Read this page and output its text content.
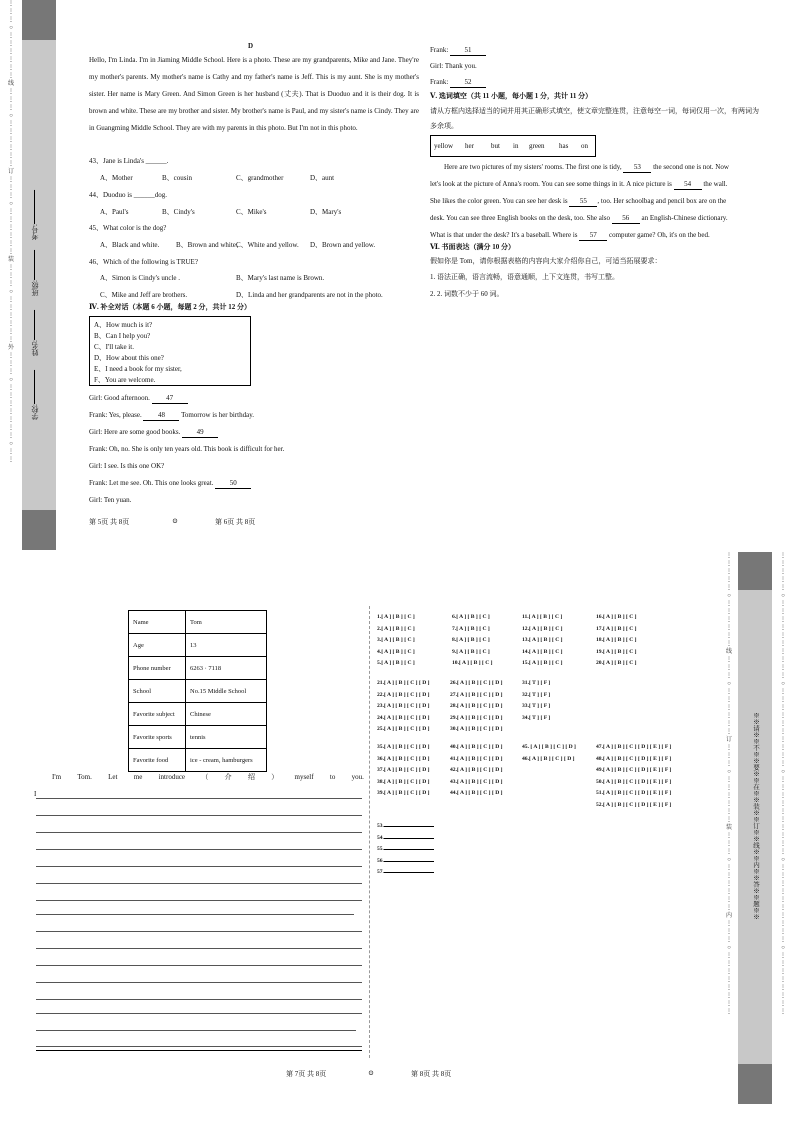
⋮
⋮
⋮
○
⋮
⋮
⋮
⋮
⋮
⋮
线
⋮
⋮
⋮
○
⋮
⋮
⋮
⋮
⋮
⋮
订
⋮
⋮
⋮
○
⋮
⋮
⋮
⋮
⋮
⋮
装
⋮
⋮
⋮
○
⋮
⋮
⋮
⋮
⋮
⋮
外
⋮
⋮
⋮
○
⋮
⋮
⋮
⋮
⋮
⋮
⋮
○
⋮
⋮
考号:
班级:
姓名:
学校:
D
Hello, I'm Linda. I'm in Jiaming Middle School. Here is a photo. These are my grandparents, Mike and Jane. They're my mother's parents. My mother's name is Cathy and my father's name is Jeff. This is my aunt. She is my mother's sister. Her name is Mary Green. And Simon Green is her husband (丈夫). That is Duoduo and it is their dog. It is brown and white. These are my brother and sister. My brother's name is Paul, and my sister's name is Cindy. They are in Guangming Middle School. They are with my parents in this photo. But I'm not in this photo.
43、Jane is Linda's ______.
A、Mother	B、cousin	C、grandmother	D、aunt
44、Duoduo is ______dog.
A、Paul's	B、Cindy's	C、Mike's	D、Mary's
45、What color is the dog?
A、Black and white. B、Brown and white、
C、White and yellow. D、Brown and yellow.
46、Which of the following is TRUE?
A、Simon is Cindy's uncle .	B、Mary's last name is Brown.
C、Mike and Jeff are brothers.	D、Linda and her grandparents are not in the photo.
Ⅳ. 补全对话（本题 6 小题，每题 2 分，共计 12 分）
A、How much is it?
B、Can I help you?
C、I'll take it.
D、How about this one?
E、I need a book for my sister,
F、You are welcome.
Girl: Good afternoon. 47
Frank: Yes, please. 48 Tomorrow is her birthday.
Girl: Here are some good books. 49
Frank: Oh, no. She is only ten years old. This book is difficult for her.
Girl: I see. Is this one OK?
Frank: Let me see. Oh. This one looks great. 50
Girl: Ten yuan.
第 5页 共 8页	⊙	第 6页 共 8页
Frank: 51
Girl: Thank you.
Frank: 52
Ⅴ. 选词填空（共 11 小题，每小题 1 分，共计 11 分）
请从方框内选择适当的词并用其正确形式填空，使文章完整连贯，注意每空一词，每词仅用一次，有两词为多余项。
yellow her but in green has on
Here are two pictures of my sisters' rooms. The first one is tidy, 53 the second one is not. Now
let's look at the picture of Anna's room. You can see some things in it. A nice picture is 54 the wall.
She likes the color green. You can see her desk is 55 , too. Her schoolbag and pencil box are on the
desk. You can see three English books on the desk, too. She also 56 an English-Chinese dictionary.
What is that under the desk? It's a baseball. Where is 57 computer game? Oh, it's on the bed.
Ⅵ. 书面表达（满分 10 分）
假如你是 Tom，请你根据表格的内容向大家介绍你自己，可适当拓展要求：
1. 语法正确，语言流畅，语意通顺，上下文连贯，书写工整。
2. 2. 词数不少于 60 词。
Name	Tom
Age	13
Phone number	6263 · 7118
School	No.15 Middle School
Favorite subject	Chinese
Favorite sports	tennis
Favorite food	ice - cream, hamburgers
I'm Tom. Let me introduce （ 介 绍 ） myself to you.
I
第 7页 共 8页	⊙	第 8页 共 8页
1.[ A ] [ B ] [ C ]
2.[ A ] [ B ] [ C ]
3.[ A ] [ B ] [ C ]
4.[ A ] [ B ] [ C ]
5.[ A ] [ B ] [ C ]
6.[ A ] [ B ] [ C ]
7.[ A ] [ B ] [ C ]
8.[ A ] [ B ] [ C ]
9.[ A ] [ B ] [ C ]
10.[ A ] [ B ] [ C ]
11.[ A ] [ B ] [ C ]
12.[ A ] [ B ] [ C ]
13.[ A ] [ B ] [ C ]
14.[ A ] [ B ] [ C ]
15.[ A ] [ B ] [ C ]
16.[ A ] [ B ] [ C ]
17.[ A ] [ B ] [ C ]
18.[ A ] [ B ] [ C ]
19.[ A ] [ B ] [ C ]
20.[ A ] [ B ] [ C ]
21.[ A ] [ B ] [ C ] [ D ]
22.[ A ] [ B ] [ C ] [ D ]
23.[ A ] [ B ] [ C ] [ D ]
24.[ A ] [ B ] [ C ] [ D ]
25.[ A ] [ B ] [ C ] [ D ]
26.[ A ] [ B ] [ C ] [ D ]
27.[ A ] [ B ] [ C ] [ D ]
28.[ A ] [ B ] [ C ] [ D ]
29.[ A ] [ B ] [ C ] [ D ]
30.[ A ] [ B ] [ C ] [ D ]
31.[ T ] [ F ]
32.[ T ] [ F ]
33.[ T ] [ F ]
34.[ T ] [ F ]
35.[ A ] [ B ] [ C ] [ D ]
36.[ A ] [ B ] [ C ] [ D ]
37.[ A ] [ B ] [ C ] [ D ]
38.[ A ] [ B ] [ C ] [ D ]
39.[ A ] [ B ] [ C ] [ D ]
40.[ A ] [ B ] [ C ] [ D ]
41.[ A ] [ B ] [ C ] [ D ]
42.[ A ] [ B ] [ C ] [ D ]
43.[ A ] [ B ] [ C ] [ D ]
44.[ A ] [ B ] [ C ] [ D ]
45. [ A ] [ B ] [ C ] [ D ]
46.[ A ] [ B ] [ C ] [ D ]
47.[ A ] [ B ] [ C ] [ D ] [ E ] [ F ]
48.[ A ] [ B ] [ C ] [ D ] [ E ] [ F ]
49.[ A ] [ B ] [ C ] [ D ] [ E ] [ F ]
50.[ A ] [ B ] [ C ] [ D ] [ E ] [ F ]
51.[ A ] [ B ] [ C ] [ D ] [ E ] [ F ]
52.[ A ] [ B ] [ C ] [ D ] [ E ] [ F ]
53.
54.
55.
56.
57.
⋮
⋮
⋮
⋮
⋮
○
⋮
⋮
⋮
⋮
⋮
⋮
线
⋮
⋮
⋮
○
⋮
⋮
⋮
⋮
⋮
⋮
订
⋮
⋮
⋮
○
⋮
⋮
⋮
⋮
⋮
⋮
装
⋮
⋮
⋮
○
⋮
⋮
⋮
⋮
⋮
⋮
内
⋮
⋮
⋮
○
⋮
⋮
⋮
⋮
⋮
⋮
⋮
⋮
⋮
⋮
⋮
⋮
⋮
○
⋮
⋮
⋮
⋮
⋮
⋮
⋮
⋮
⋮
⋮
○
⋮
⋮
⋮
⋮
⋮
⋮
⋮
⋮
⋮
⋮
○
⋮
⋮
⋮
⋮
⋮
⋮
⋮
⋮
⋮
⋮
○
⋮
⋮
⋮
⋮
⋮
⋮
⋮
⋮
⋮
⋮
○
⋮
⋮
⋮
⋮
⋮
⋮
⋮
⋮
※※请※※不※※要※※在※※装※※订※※线※※内※※答※※题※※
